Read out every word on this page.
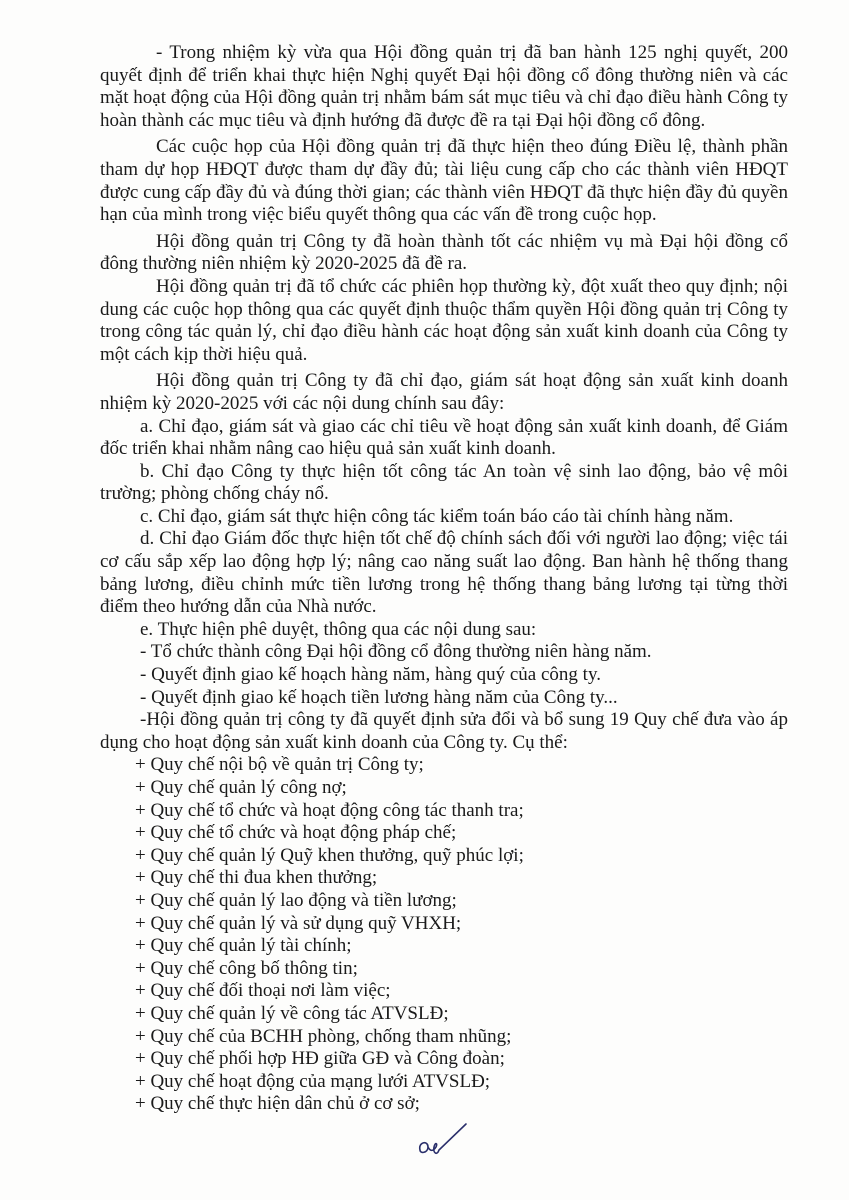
- Trong nhiệm kỳ vừa qua Hội đồng quản trị đã ban hành 125 nghị quyết, 200 quyết định để triển khai thực hiện Nghị quyết Đại hội đồng cổ đông thường niên và các mặt hoạt động của Hội đồng quản trị nhằm bám sát mục tiêu và chỉ đạo điều hành Công ty hoàn thành các mục tiêu và định hướng đã được đề ra tại Đại hội đồng cổ đông.

Các cuộc họp của Hội đồng quản trị đã thực hiện theo đúng Điều lệ, thành phần tham dự họp HĐQT được tham dự đầy đủ; tài liệu cung cấp cho các thành viên HĐQT được cung cấp đầy đủ và đúng thời gian; các thành viên HĐQT đã thực hiện đầy đủ quyền hạn của mình trong việc biểu quyết thông qua các vấn đề trong cuộc họp.

Hội đồng quản trị Công ty đã hoàn thành tốt các nhiệm vụ mà Đại hội đồng cổ đông thường niên nhiệm kỳ 2020-2025 đã đề ra.

Hội đồng quản trị đã tổ chức các phiên họp thường kỳ, đột xuất theo quy định; nội dung các cuộc họp thông qua các quyết định thuộc thẩm quyền Hội đồng quản trị Công ty trong công tác quản lý, chỉ đạo điều hành các hoạt động sản xuất kinh doanh của Công ty một cách kịp thời hiệu quả.

Hội đồng quản trị Công ty đã chỉ đạo, giám sát hoạt động sản xuất kinh doanh nhiệm kỳ 2020-2025 với các nội dung chính sau đây:

a. Chỉ đạo, giám sát và giao các chỉ tiêu về hoạt động sản xuất kinh doanh, để Giám đốc triển khai nhằm nâng cao hiệu quả sản xuất kinh doanh.

b. Chỉ đạo Công ty thực hiện tốt công tác An toàn vệ sinh lao động, bảo vệ môi trường; phòng chống cháy nổ.

c. Chỉ đạo, giám sát thực hiện công tác kiểm toán báo cáo tài chính hàng năm.

d. Chỉ đạo Giám đốc thực hiện tốt chế độ chính sách đối với người lao động; việc tái cơ cấu sắp xếp lao động hợp lý; nâng cao năng suất lao động. Ban hành hệ thống thang bảng lương, điều chỉnh mức tiền lương trong hệ thống thang bảng lương tại từng thời điểm theo hướng dẫn của Nhà nước.

e. Thực hiện phê duyệt, thông qua các nội dung sau:

- Tổ chức thành công Đại hội đồng cổ đông thường niên hàng năm.

- Quyết định giao kế hoạch hàng năm, hàng quý của công ty.

- Quyết định giao kế hoạch tiền lương hàng năm của Công ty...

-Hội đồng quản trị công ty đã quyết định sửa đổi và bổ sung 19 Quy chế đưa vào áp dụng cho hoạt động sản xuất kinh doanh của Công ty. Cụ thể:

+ Quy chế nội bộ về quản trị Công ty;
+ Quy chế quản lý công nợ;
+ Quy chế tổ chức và hoạt động công tác thanh tra;
+ Quy chế tổ chức và hoạt động pháp chế;
+ Quy chế quản lý Quỹ khen thưởng, quỹ phúc lợi;
+ Quy chế thi đua khen thưởng;
+ Quy chế quản lý lao động và tiền lương;
+ Quy chế quản lý và sử dụng quỹ VHXH;
+ Quy chế quản lý tài chính;
+ Quy chế công bố thông tin;
+ Quy chế đối thoại nơi làm việc;
+ Quy chế quản lý về công tác ATVSLĐ;
+ Quy chế của BCHH phòng, chống tham nhũng;
+ Quy chế phối hợp HĐ giữa GĐ và Công đoàn;
+ Quy chế hoạt động của mạng lưới ATVSLĐ;
+ Quy chế thực hiện dân chủ ở cơ sở;
